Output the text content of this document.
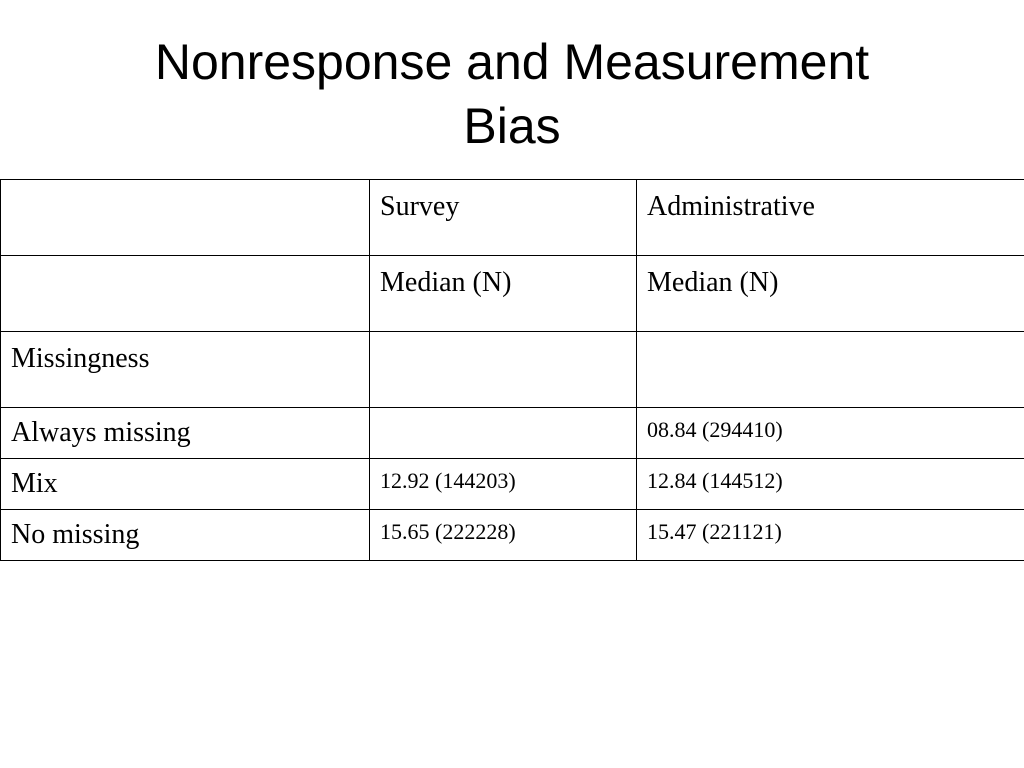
Nonresponse and Measurement
Bias
	Survey	Administrative
	Median (N)	Median (N)
Missingness		
Always missing		08.84 (294410)
Mix	12.92 (144203)	12.84 (144512)
No missing	15.65 (222228)	15.47 (221121)
